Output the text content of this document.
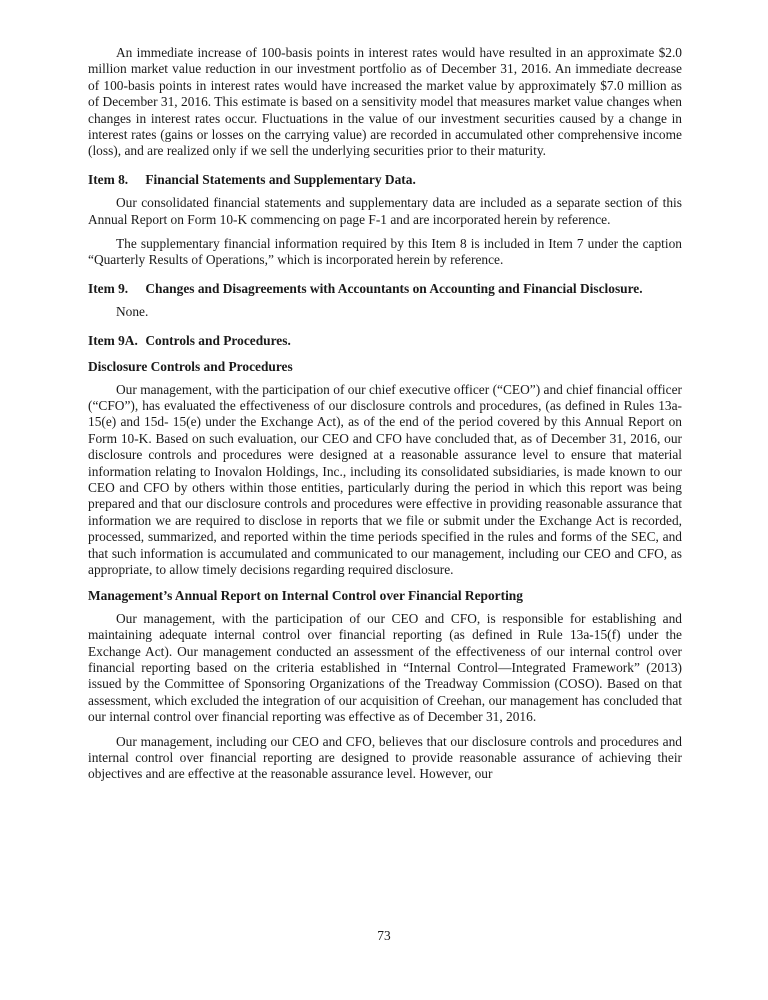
An immediate increase of 100-basis points in interest rates would have resulted in an approximate $2.0 million market value reduction in our investment portfolio as of December 31, 2016. An immediate decrease of 100-basis points in interest rates would have increased the market value by approximately $7.0 million as of December 31, 2016. This estimate is based on a sensitivity model that measures market value changes when changes in interest rates occur. Fluctuations in the value of our investment securities caused by a change in interest rates (gains or losses on the carrying value) are recorded in accumulated other comprehensive income (loss), and are realized only if we sell the underlying securities prior to their maturity.

Item 8. Financial Statements and Supplementary Data.

Our consolidated financial statements and supplementary data are included as a separate section of this Annual Report on Form 10-K commencing on page F-1 and are incorporated herein by reference.

The supplementary financial information required by this Item 8 is included in Item 7 under the caption “Quarterly Results of Operations,” which is incorporated herein by reference.

Item 9. Changes and Disagreements with Accountants on Accounting and Financial Disclosure.

None.

Item 9A. Controls and Procedures.

Disclosure Controls and Procedures

Our management, with the participation of our chief executive officer (“CEO”) and chief financial officer (“CFO”), has evaluated the effectiveness of our disclosure controls and procedures, (as defined in Rules 13a- 15(e) and 15d- 15(e) under the Exchange Act), as of the end of the period covered by this Annual Report on Form 10-K. Based on such evaluation, our CEO and CFO have concluded that, as of December 31, 2016, our disclosure controls and procedures were designed at a reasonable assurance level to ensure that material information relating to Inovalon Holdings, Inc., including its consolidated subsidiaries, is made known to our CEO and CFO by others within those entities, particularly during the period in which this report was being prepared and that our disclosure controls and procedures were effective in providing reasonable assurance that information we are required to disclose in reports that we file or submit under the Exchange Act is recorded, processed, summarized, and reported within the time periods specified in the rules and forms of the SEC, and that such information is accumulated and communicated to our management, including our CEO and CFO, as appropriate, to allow timely decisions regarding required disclosure.

Management’s Annual Report on Internal Control over Financial Reporting

Our management, with the participation of our CEO and CFO, is responsible for establishing and maintaining adequate internal control over financial reporting (as defined in Rule 13a-15(f) under the Exchange Act). Our management conducted an assessment of the effectiveness of our internal control over financial reporting based on the criteria established in “Internal Control—Integrated Framework” (2013) issued by the Committee of Sponsoring Organizations of the Treadway Commission (COSO). Based on that assessment, which excluded the integration of our acquisition of Creehan, our management has concluded that our internal control over financial reporting was effective as of December 31, 2016.

Our management, including our CEO and CFO, believes that our disclosure controls and procedures and internal control over financial reporting are designed to provide reasonable assurance of achieving their objectives and are effective at the reasonable assurance level. However, our

73
